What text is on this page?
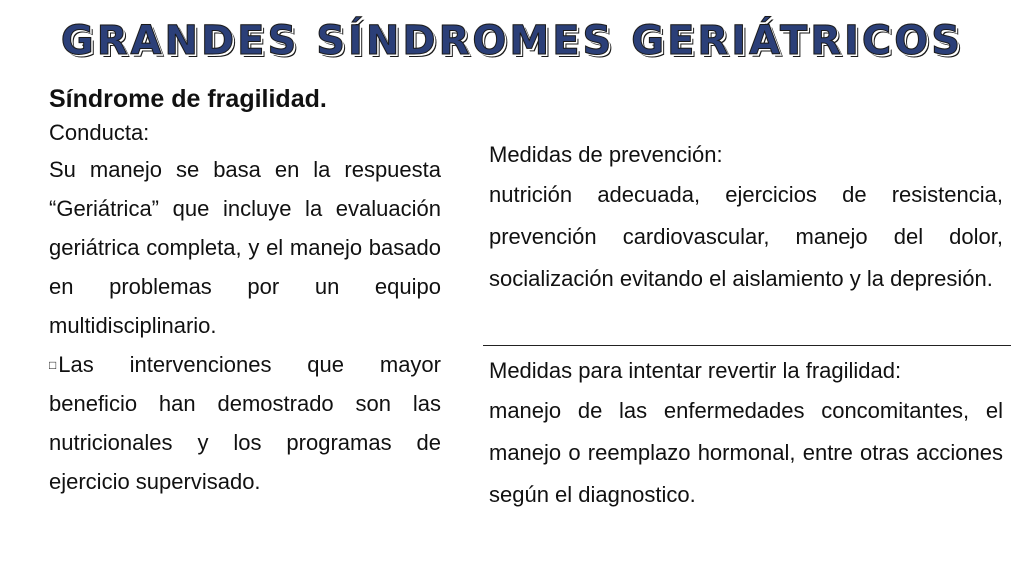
GRANDES SÍNDROMES GERIÁTRICOS
Síndrome de fragilidad.
Conducta:

Su manejo se basa en la respuesta “Geriátrica” que incluye la evaluación geriátrica completa, y el manejo basado en problemas por un equipo multidisciplinario.

□Las intervenciones que mayor beneficio han demostrado son las nutricionales y los programas de ejercicio supervisado.

Medidas de prevención:

nutrición adecuada, ejercicios de resistencia, prevención cardiovascular, manejo del dolor, socialización evitando el aislamiento y la depresión.

Medidas para intentar revertir la fragilidad:

manejo de las enfermedades concomitantes, el manejo o reemplazo hormonal, entre otras acciones según el diagnostico.
